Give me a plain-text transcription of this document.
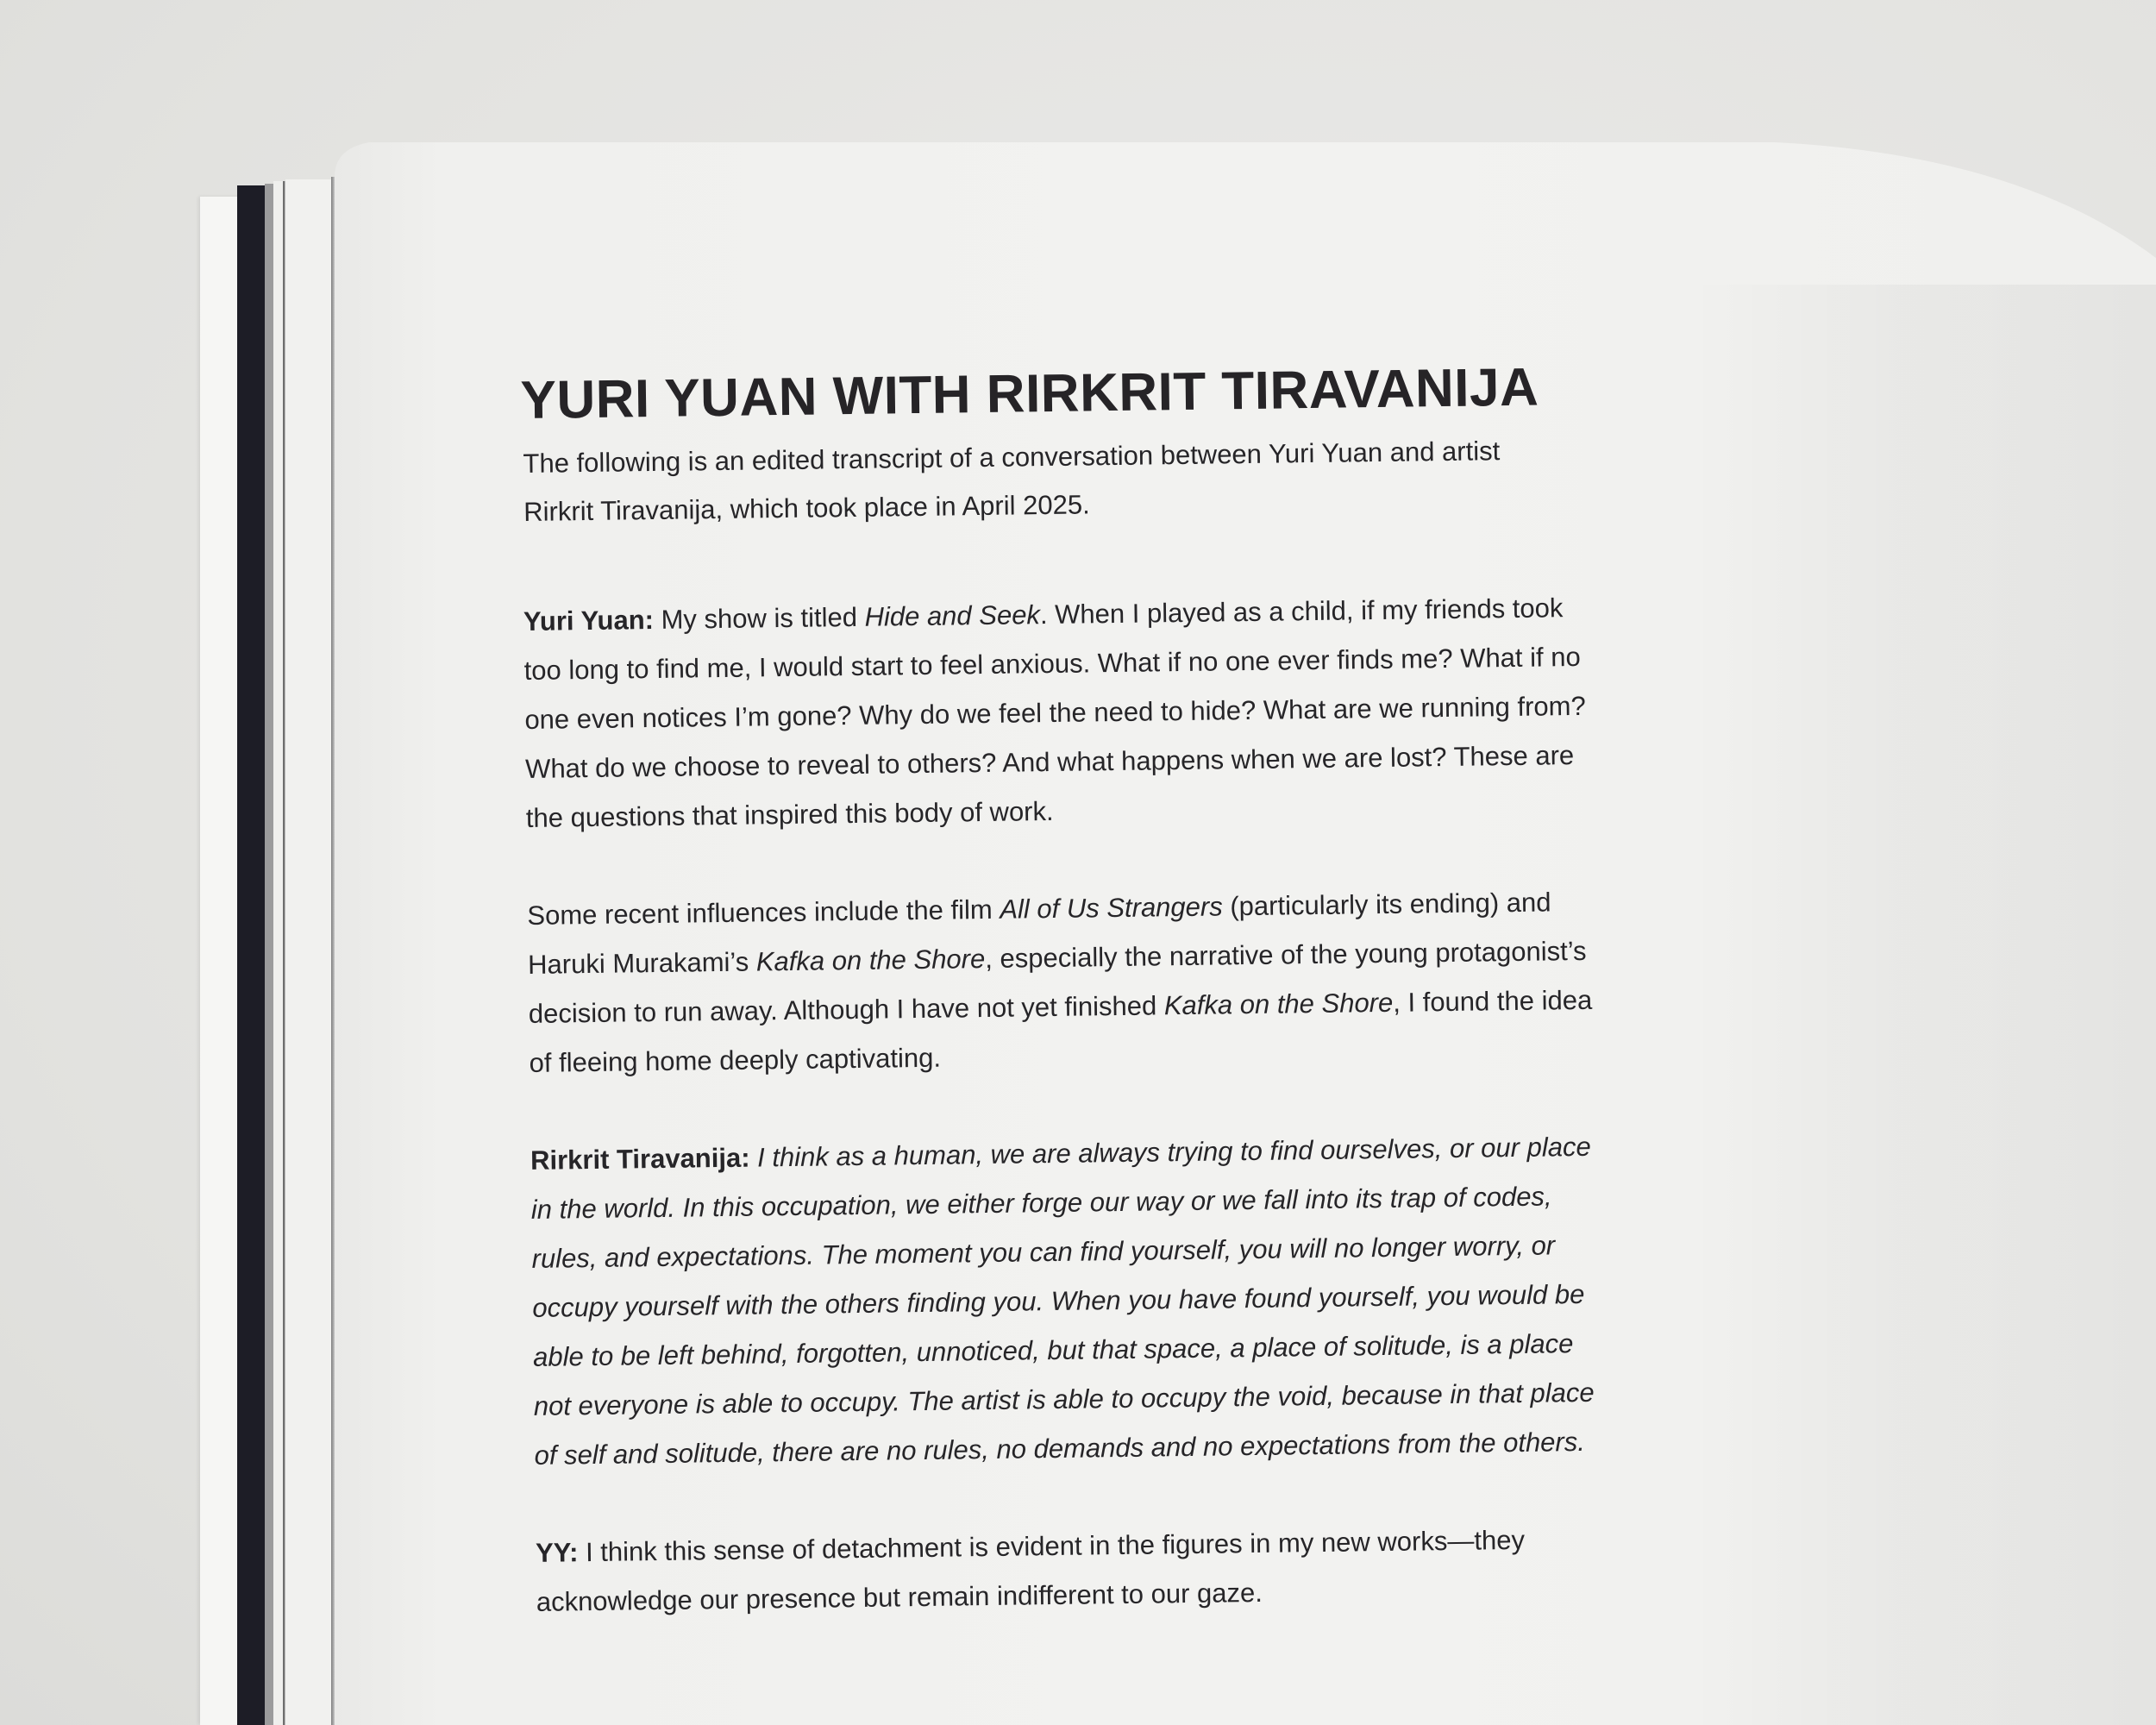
YURI YUAN WITH RIRKRIT TIRAVANIJA

The following is an edited transcript of a conversation between Yuri Yuan and artist Rirkrit Tiravanija, which took place in April 2025.

Yuri Yuan: My show is titled Hide and Seek. When I played as a child, if my friends took too long to find me, I would start to feel anxious. What if no one ever finds me? What if no one even notices I’m gone? Why do we feel the need to hide? What are we running from? What do we choose to reveal to others? And what happens when we are lost? These are the questions that inspired this body of work.

Some recent influences include the film All of Us Strangers (particularly its ending) and Haruki Murakami’s Kafka on the Shore, especially the narrative of the young protagonist’s decision to run away. Although I have not yet finished Kafka on the Shore, I found the idea of fleeing home deeply captivating.

Rirkrit Tiravanija: I think as a human, we are always trying to find ourselves, or our place in the world. In this occupation, we either forge our way or we fall into its trap of codes, rules, and expectations. The moment you can find yourself, you will no longer worry, or occupy yourself with the others finding you. When you have found yourself, you would be able to be left behind, forgotten, unnoticed, but that space, a place of solitude, is a place not everyone is able to occupy. The artist is able to occupy the void, because in that place of self and solitude, there are no rules, no demands and no expectations from the others.

YY: I think this sense of detachment is evident in the figures in my new works—they acknowledge our presence but remain indifferent to our gaze.
